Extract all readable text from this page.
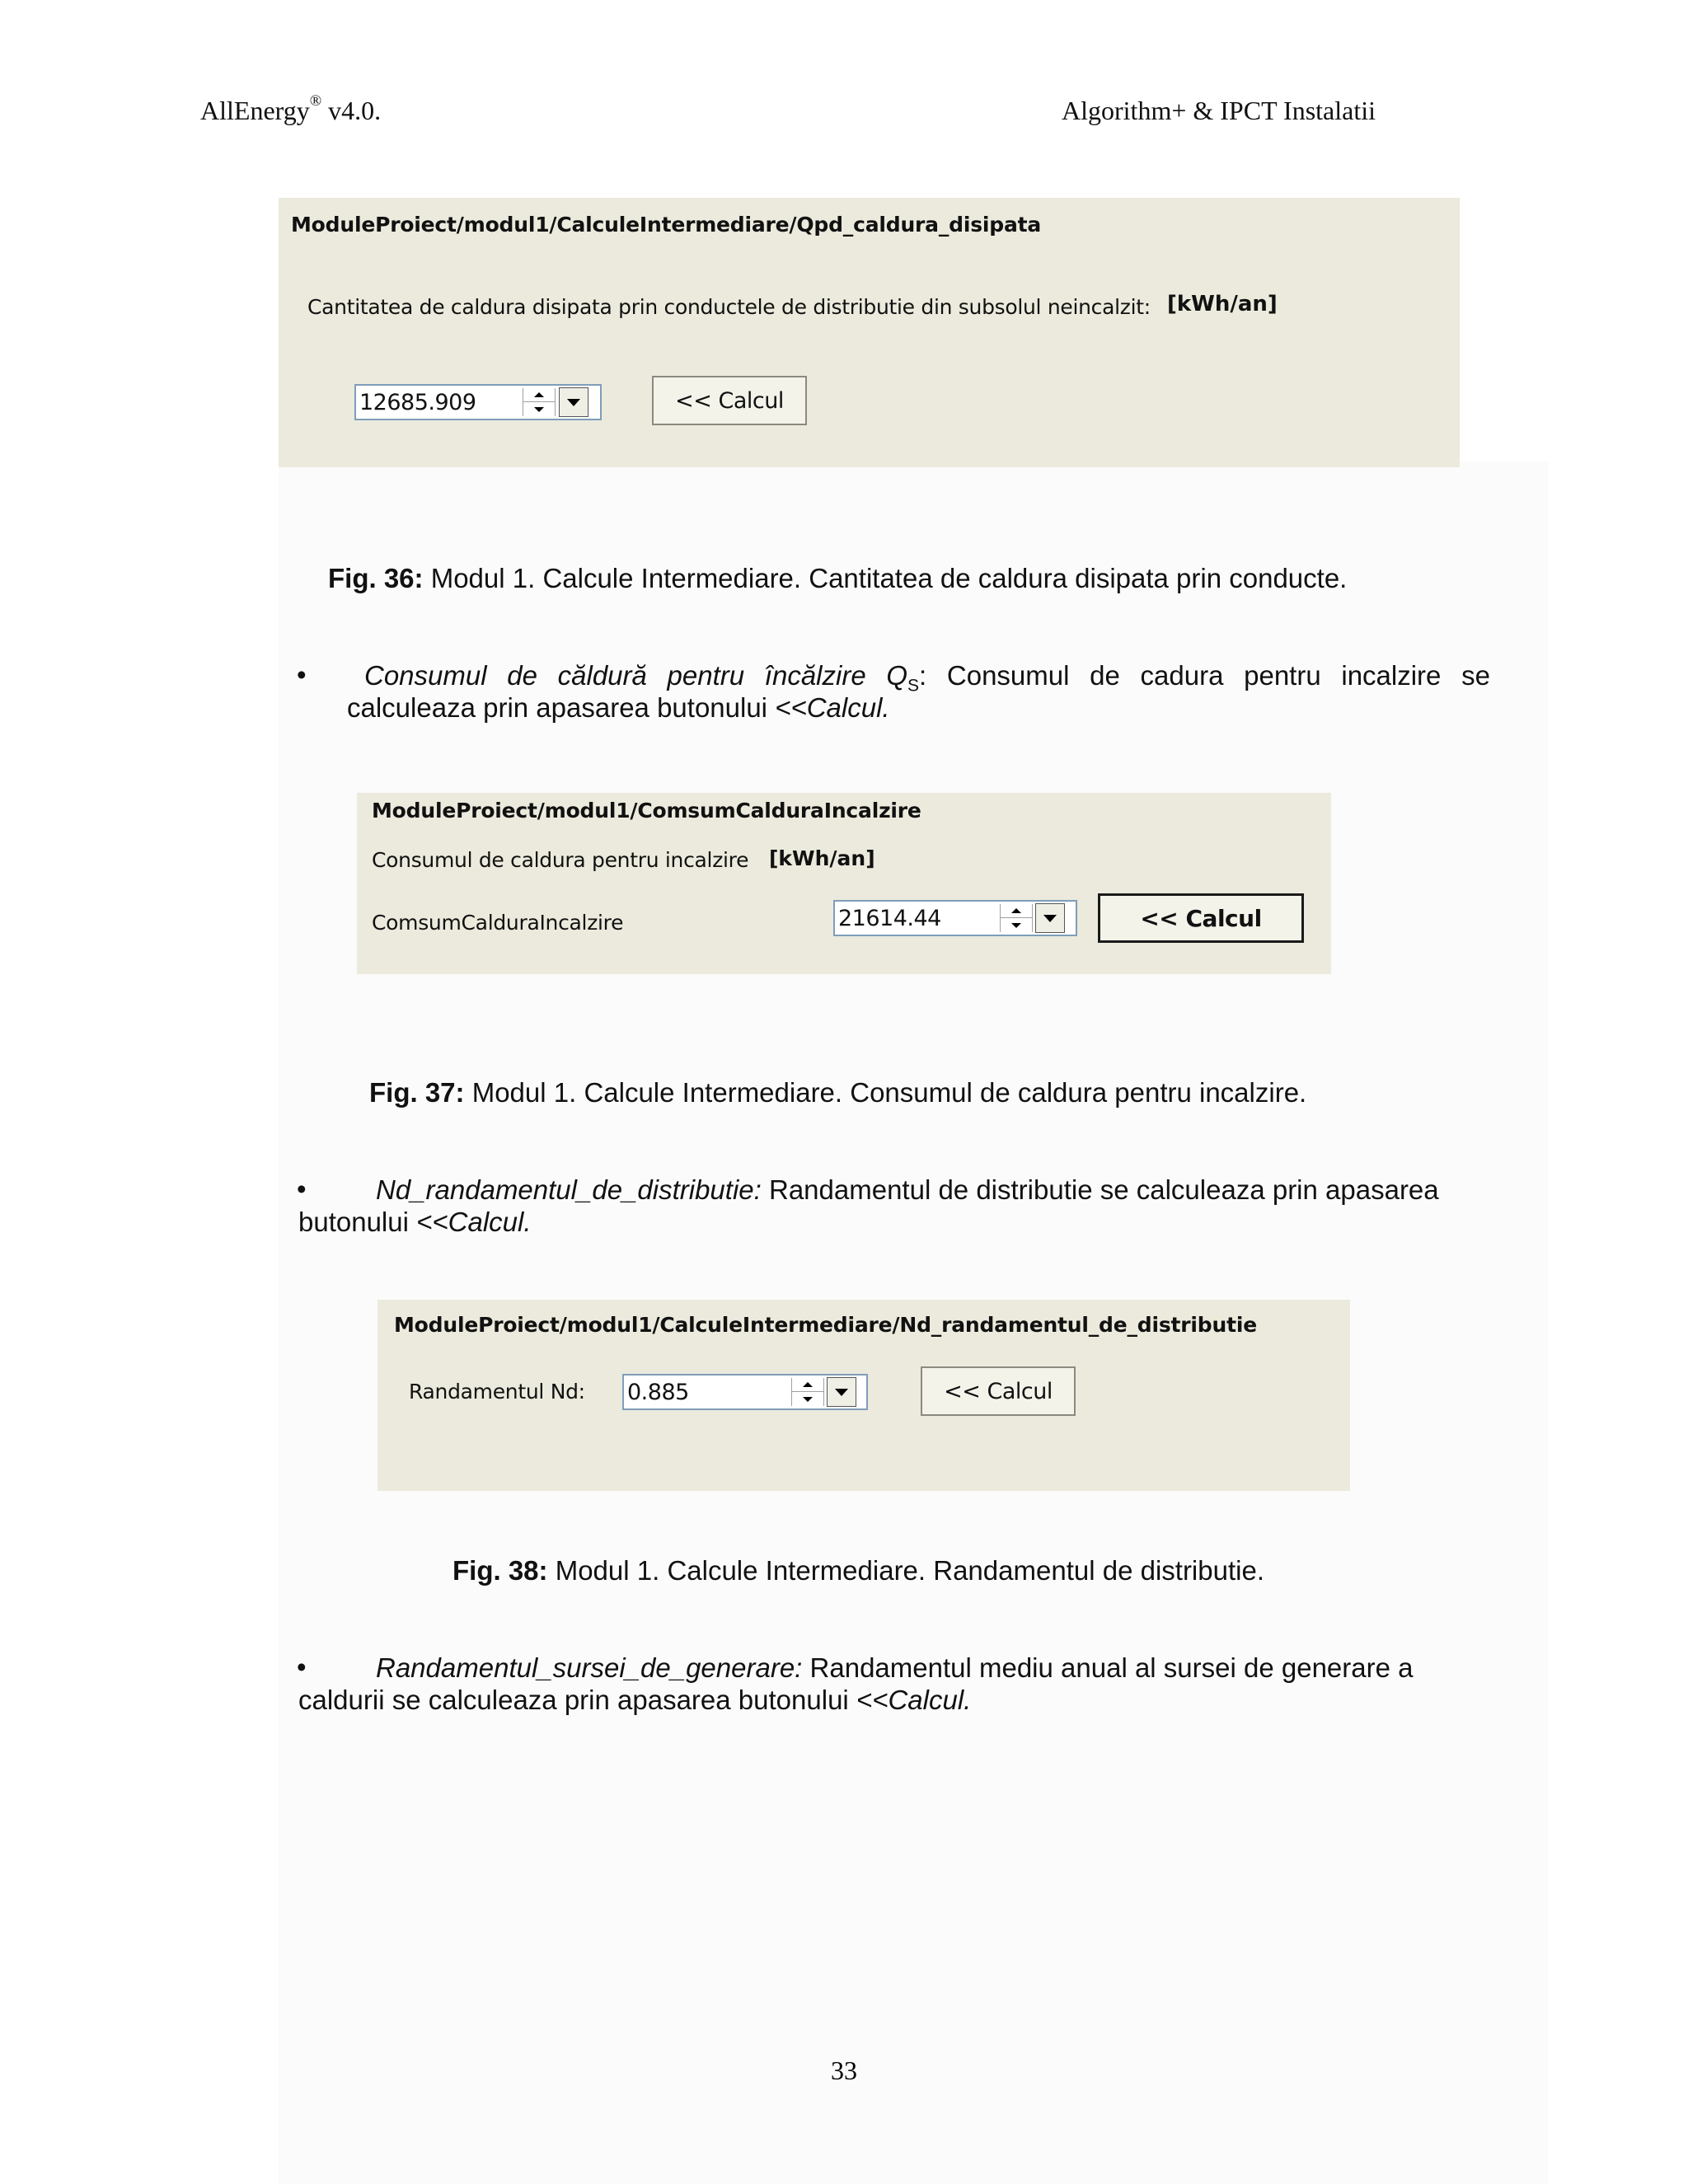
AllEnergy® v4.0.	Algorithm+ & IPCT Instalatii
ModuleProiect/modul1/CalculeIntermediare/Qpd_caldura_disipata
Cantitatea de caldura disipata prin conductele de distributie din subsolul neincalzit: [kWh/an]
12685.909	<< Calcul
Fig. 36: Modul 1. Calcule Intermediare. Cantitatea de caldura disipata prin conducte.
• Consumul de căldură pentru încălzire $Q_S$: Consumul de cadura pentru incalzire se
calculeaza prin apasarea butonului <<Calcul.
ModuleProiect/modul1/ComsumCalduraIncalzire
Consumul de caldura pentru incalzire [kWh/an]
ComsumCalduraIncalzire	21614.44	<< Calcul
Fig. 37: Modul 1. Calcule Intermediare. Consumul de caldura pentru incalzire.
•	Nd_randamentul_de_distributie: Randamentul de distributie se calculeaza prin apasarea
butonului <<Calcul.
ModuleProiect/modul1/CalculeIntermediare/Nd_randamentul_de_distributie
Randamentul Nd: 0.885	<< Calcul
Fig. 38: Modul 1. Calcule Intermediare. Randamentul de distributie.
•	Randamentul_sursei_de_generare: Randamentul mediu anual al sursei de generare a
caldurii se calculeaza prin apasarea butonului <<Calcul.
33
